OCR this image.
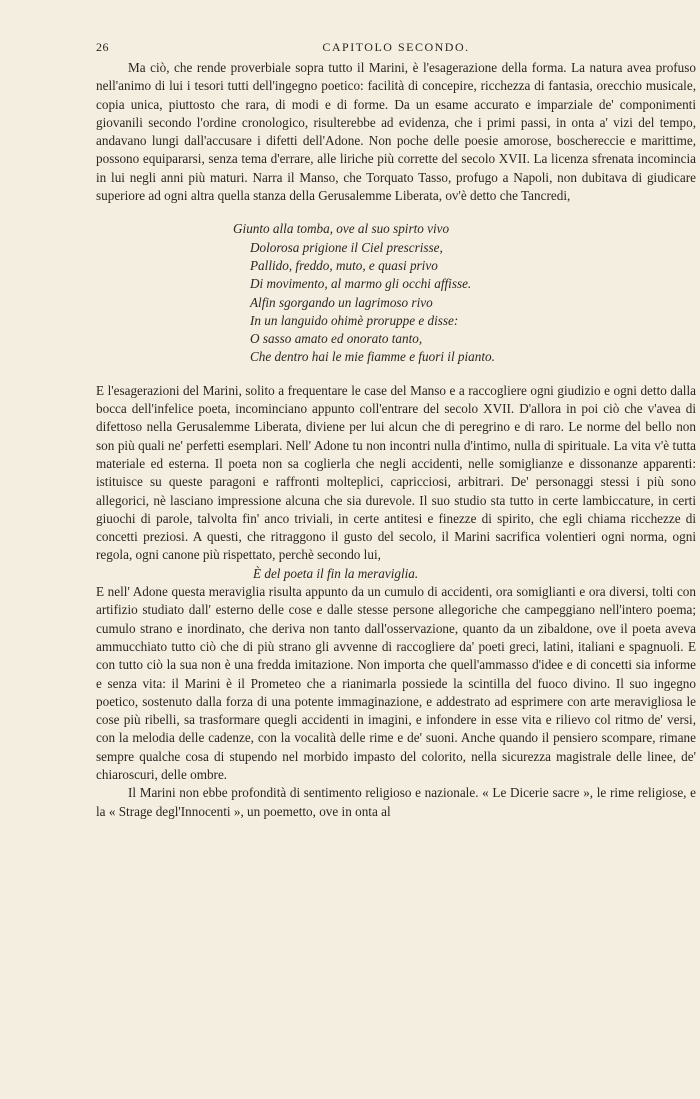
26	CAPITOLO SECONDO.

Ma ciò, che rende proverbiale sopra tutto il Marini, è l'esagerazione della forma. La natura avea profuso nell'animo di lui i tesori tutti dell'ingegno poetico: facilità di concepire, ricchezza di fantasia, orecchio musicale, copia unica, piuttosto che rara, di modi e di forme. Da un esame accurato e imparziale de' componimenti giovanili secondo l'ordine cronologico, risulterebbe ad evidenza, che i primi passi, in onta a' vizi del tempo, andavano lungi dall'accusare i difetti dell'Adone. Non poche delle poesie amorose, boschereccie e marittime, possono equipararsi, senza tema d'errare, alle liriche più corrette del secolo XVII. La licenza sfrenata incomincia in lui negli anni più maturi. Narra il Manso, che Torquato Tasso, profugo a Napoli, non dubitava di giudicare superiore ad ogni altra quella stanza della Gerusalemme Liberata, ov'è detto che Tancredi,

Giunto alla tomba, ove al suo spirto vivo
Dolorosa prigione il Ciel prescrisse,
Pallido, freddo, muto, e quasi privo
Di movimento, al marmo gli occhi affisse.
Alfin sgorgando un lagrimoso rivo
In un languido ohimè proruppe e disse:
O sasso amato ed onorato tanto,
Che dentro hai le mie fiamme e fuori il pianto.

E l'esagerazioni del Marini, solito a frequentare le case del Manso e a raccogliere ogni giudizio e ogni detto dalla bocca dell'infelice poeta, incominciano appunto coll'entrare del secolo XVII. D'allora in poi ciò che v'avea di difettoso nella Gerusalemme Liberata, diviene per lui alcun che di peregrino e di raro. Le norme del bello non son più quali ne' perfetti esemplari. Nell' Adone tu non incontri nulla d'intimo, nulla di spirituale. La vita v'è tutta materiale ed esterna. Il poeta non sa coglierla che negli accidenti, nelle somiglianze e dissonanze apparenti: istituisce su queste paragoni e raffronti molteplici, capricciosi, arbitrari. De' personaggi stessi i più sono allegorici, nè lasciano impressione alcuna che sia durevole. Il suo studio sta tutto in certe lambiccature, in certi giuochi di parole, talvolta fin' anco triviali, in certe antitesi e finezze di spirito, che egli chiama ricchezze di concetti preziosi. A questi, che ritraggono il gusto del secolo, il Marini sacrifica volentieri ogni norma, ogni regola, ogni canone più rispettato, perchè secondo lui,

È del poeta il fin la meraviglia.

E nell' Adone questa meraviglia risulta appunto da un cumulo di accidenti, ora somiglianti e ora diversi, tolti con artifizio studiato dall' esterno delle cose e dalle stesse persone allegoriche che campeggiano nell'intero poema; cumulo strano e inordinato, che deriva non tanto dall'osservazione, quanto da un zibaldone, ove il poeta aveva ammucchiato tutto ciò che di più strano gli avvenne di raccogliere da' poeti greci, latini, italiani e spagnuoli. E con tutto ciò la sua non è una fredda imitazione. Non importa che quell'ammasso d'idee e di concetti sia informe e senza vita: il Marini è il Prometeo che a rianimarla possiede la scintilla del fuoco divino. Il suo ingegno poetico, sostenuto dalla forza di una potente immaginazione, e addestrato ad esprimere con arte meravigliosa le cose più ribelli, sa trasformare quegli accidenti in imagini, e infondere in esse vita e rilievo col ritmo de' versi, con la melodia delle cadenze, con la vocalità delle rime e de' suoni. Anche quando il pensiero scompare, rimane sempre qualche cosa di stupendo nel morbido impasto del colorito, nella sicurezza magistrale delle linee, de' chiaroscuri, delle ombre.

Il Marini non ebbe profondità di sentimento religioso e nazionale. « Le Dicerie sacre », le rime religiose, e la « Strage degl'Innocenti », un poemetto, ove in onta al
